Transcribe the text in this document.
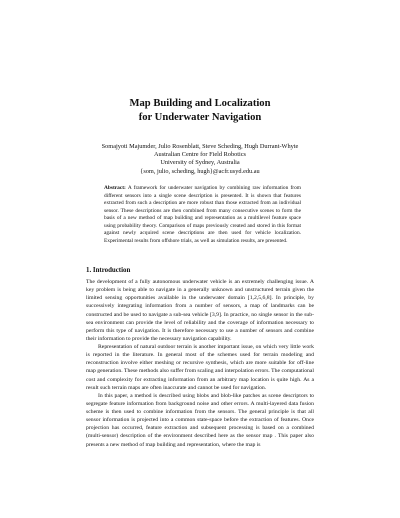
Map Building and Localization
for Underwater Navigation
Somajyoti Majumder, Julio Rosenblatt, Steve Scheding, Hugh Durrant-Whyte
Australian Centre for Field Robotics
University of Sydney, Australia
{som, julio, scheding, hugh}@acfr.usyd.edu.au
Abstract: A framework for underwater navigation by combining raw information from different sensors into a single scene description is presented. It is shown that features extracted from such a description are more robust than those extracted from an individual sensor. These descriptions are then combined from many consecutive scenes to form the basis of a new method of map building and representation as a multilevel feature space using probability theory. Comparison of maps previously created and stored in this format against newly acquired scene descriptions are then used for vehicle localization. Experimental results from offshore trials, as well as simulation results, are presented.
1. Introduction

The development of a fully autonomous underwater vehicle is an extremely challenging issue. A key problem is being able to navigate in a generally unknown and unstructured terrain given the limited sensing opportunities available in the underwater domain [1,2,5,6,8]. In principle, by successively integrating information from a number of sensors, a map of landmarks can be constructed and be used to navigate a sub-sea vehicle [3,9]. In practice, no single sensor in the sub-sea environment can provide the level of reliability and the coverage of information necessary to perform this type of navigation. It is therefore necessary to use a number of sensors and combine their information to provide the necessary navigation capability.

Representation of natural outdoor terrain is another important issue, on which very little work is reported in the literature. In general most of the schemes used for terrain modeling and reconstruction involve either meshing or recursive synthesis, which are more suitable for off-line map generation. These methods also suffer from scaling and interpolation errors. The computational cost and complexity for extracting information from an arbitrary map location is quite high. As a result such terrain maps are often inaccurate and cannot be used for navigation.

In this paper, a method is described using blobs and blob-like patches as scene descriptors to segregate feature information from background noise and other errors. A multi-layered data fusion scheme is then used to combine information from the sensors. The general principle is that all sensor information is projected into a common state-space before the extraction of features. Once projection has occurred, feature extraction and subsequent processing is based on a combined (multi-sensor) description of the environment described here as the sensor map . This paper also presents a new method of map building and representation, where the map is
